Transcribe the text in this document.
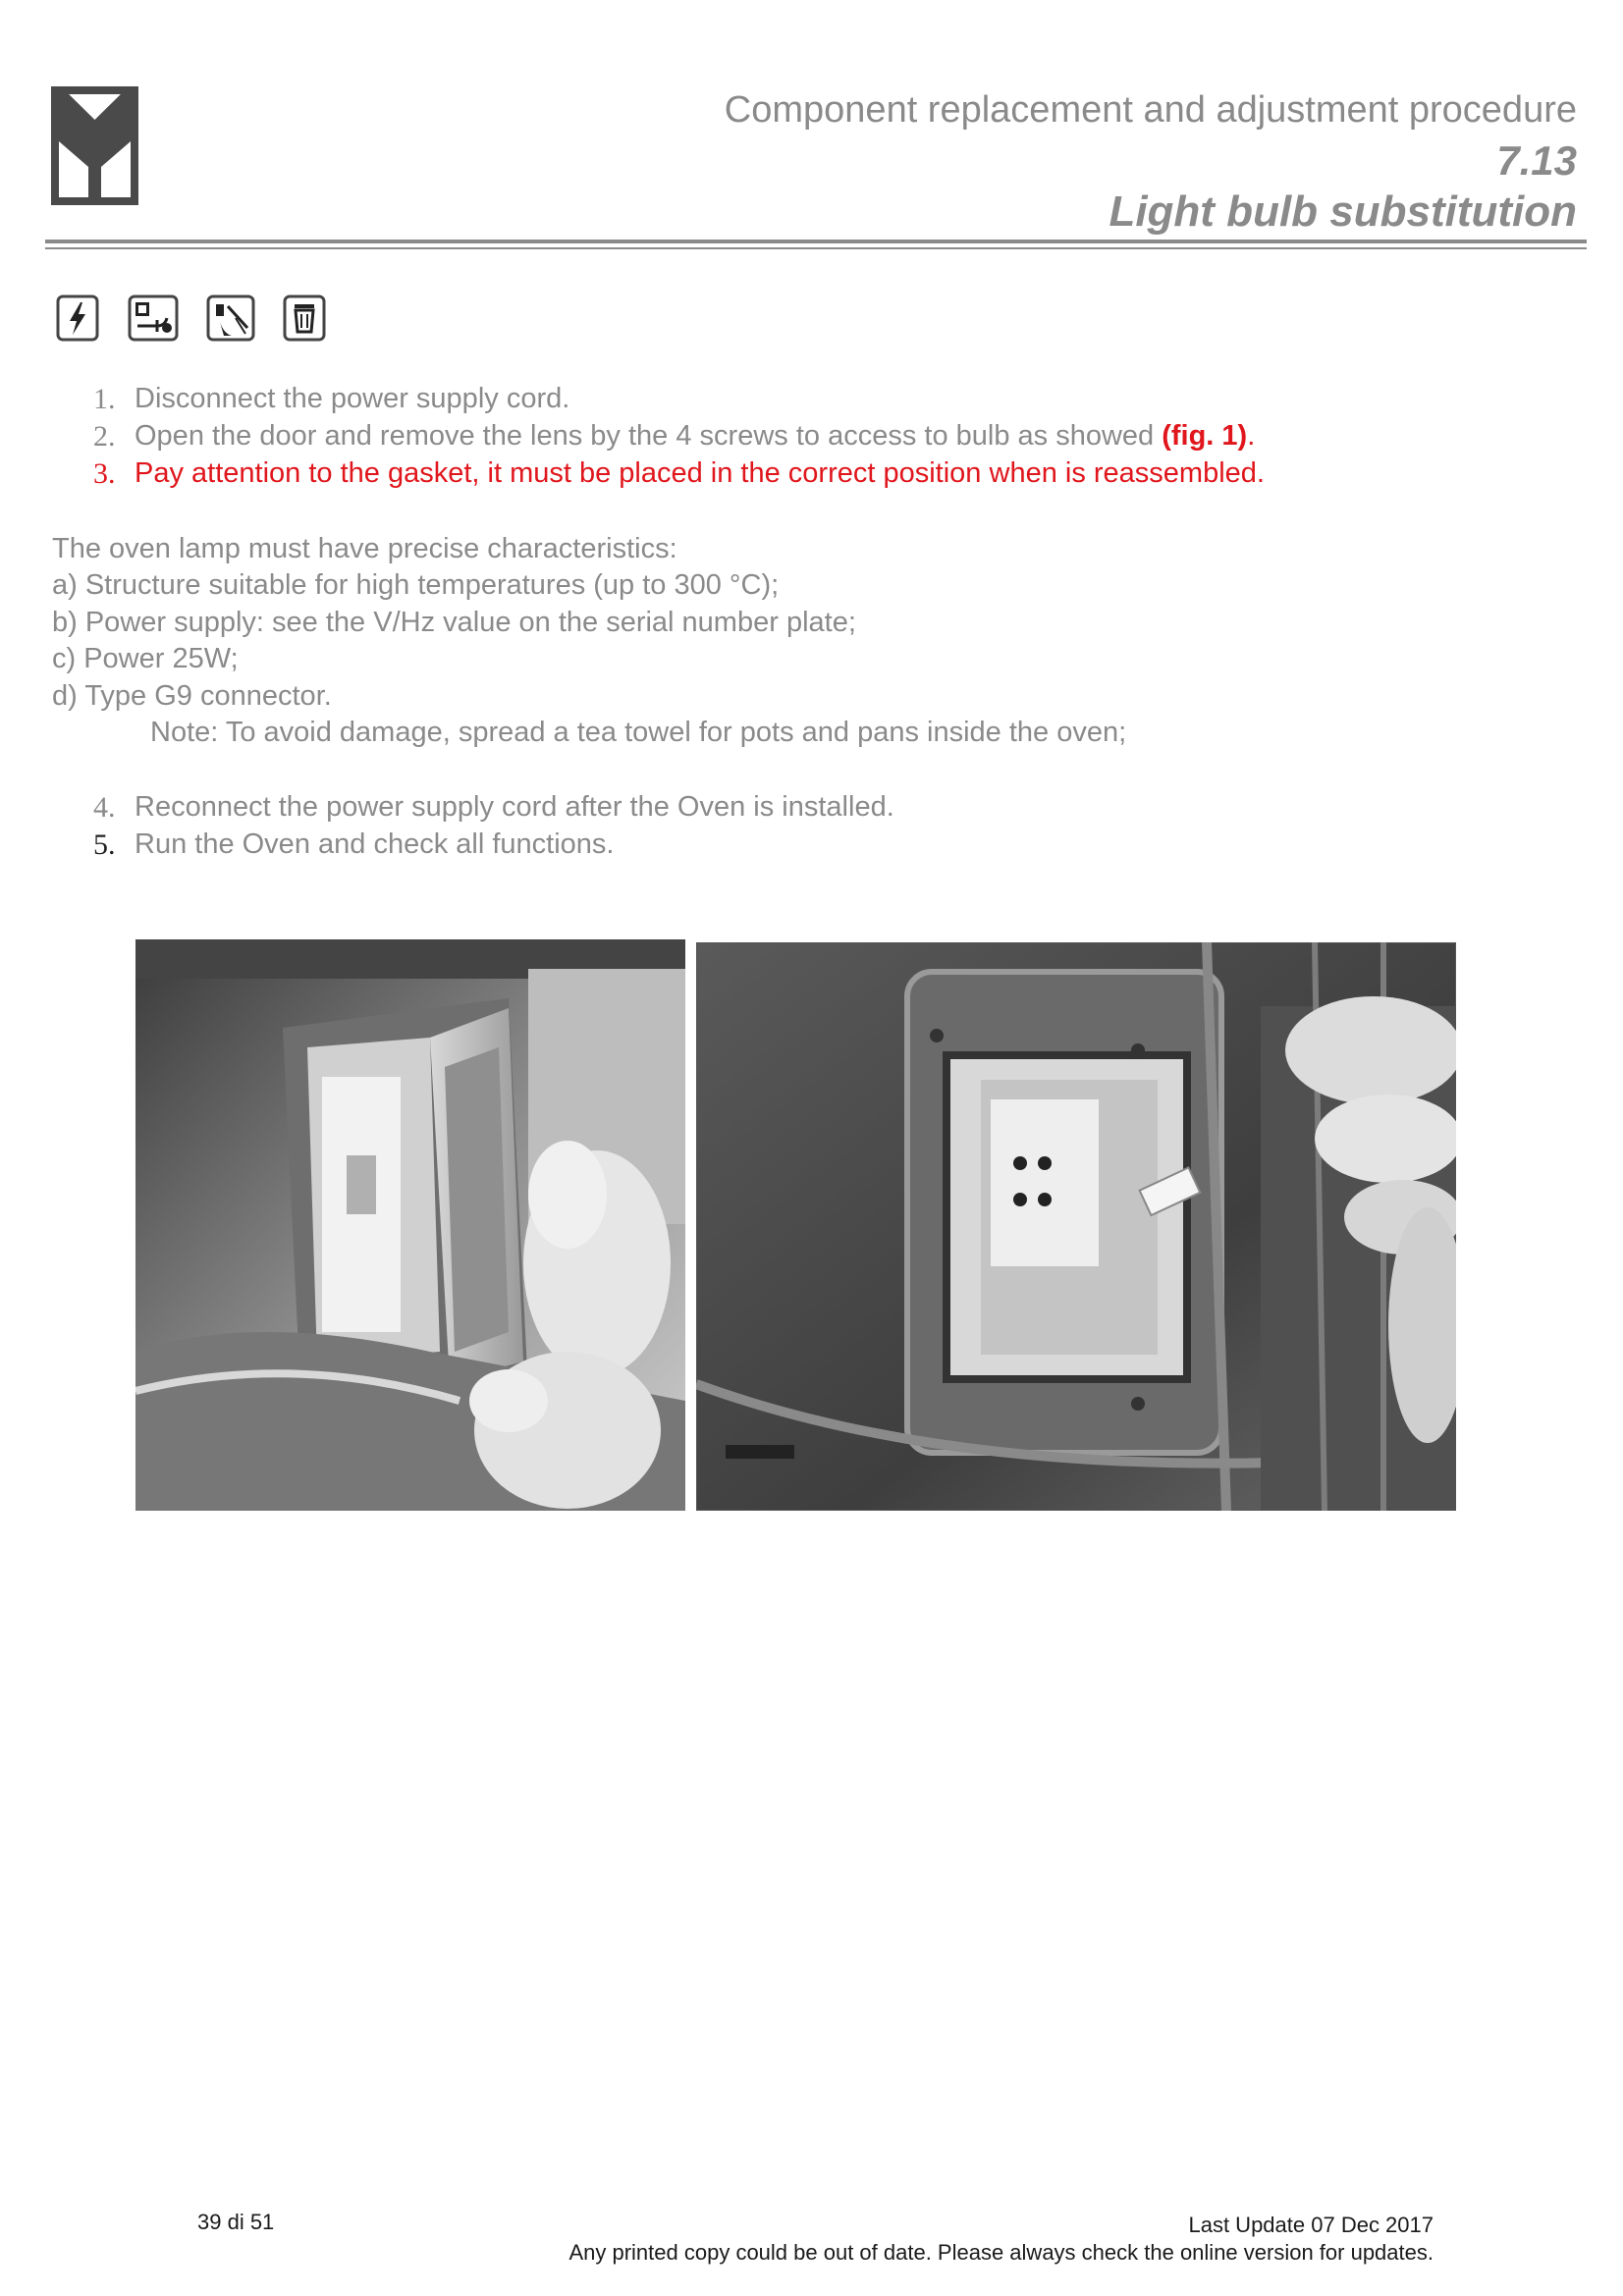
Component replacement and adjustment procedure
7.13
Light bulb substitution
1. Disconnect the power supply cord.
2. Open the door and remove the lens by the 4 screws to access to bulb as showed (fig. 1).
3. Pay attention to the gasket, it must be placed in the correct position when is reassembled.
The oven lamp must have precise characteristics:
a) Structure suitable for high temperatures (up to 300 °C);
b) Power supply: see the V/Hz value on the serial number plate;
c) Power 25W;
d) Type G9 connector.
Note: To avoid damage, spread a tea towel for pots and pans inside the oven;
4. Reconnect the power supply cord after the Oven is installed.
5. Run the Oven and check all functions.
39 di 51	Last Update 07 Dec 2017
Any printed copy could be out of date. Please always check the online version for updates.
